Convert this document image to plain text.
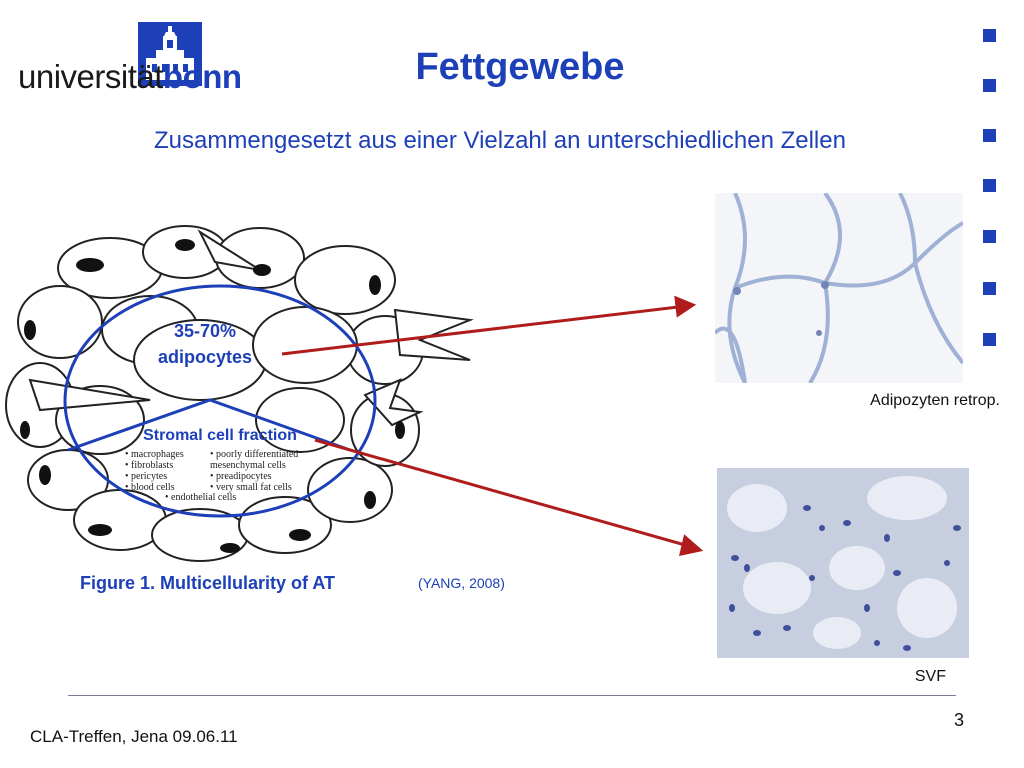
universitätbonn	Fettgewebe
Zusammengesetzt aus einer Vielzahl an unterschiedlichen Zellen
35-70%
adipocytes
Stromal cell fraction
• macrophages
• fibroblasts
• pericytes
• blood cells
• poorly differentiated
mesenchymal cells
• preadipocytes
• very small fat cells
• endothelial cells
Adipozyten retrop.
SVF
Figure 1. Multicellularity of AT	(YANG, 2008)
CLA-Treffen, Jena 09.06.11
3
